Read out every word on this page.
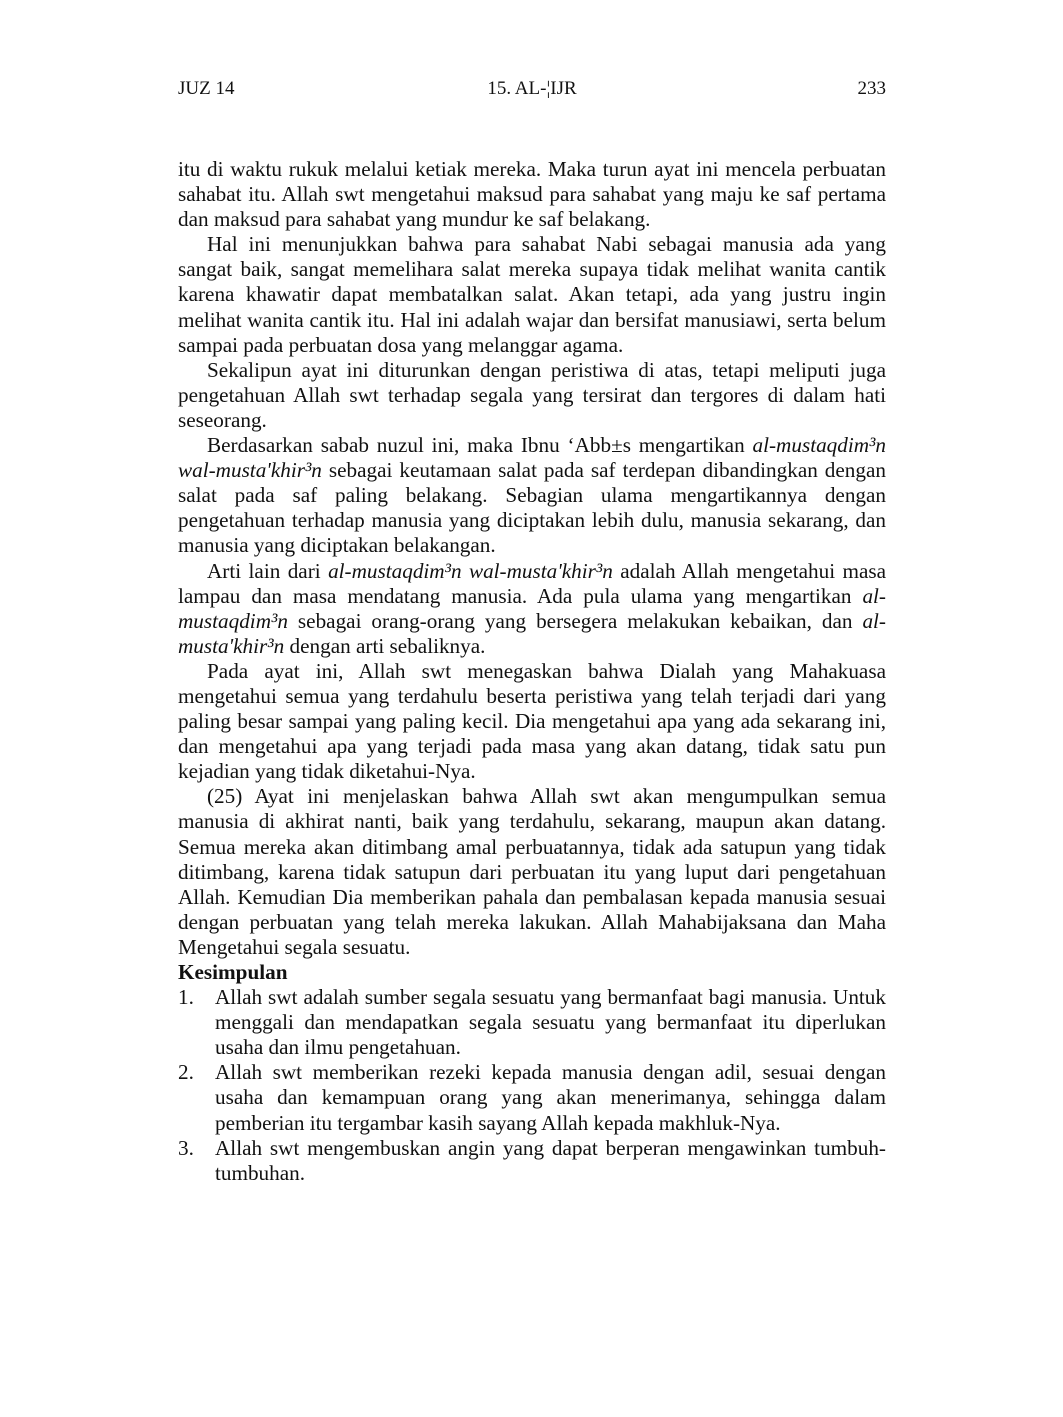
JUZ 14	15. AL-¦IJR	233

itu di waktu rukuk melalui ketiak mereka. Maka turun ayat ini mencela perbuatan sahabat itu. Allah swt mengetahui maksud para sahabat yang maju ke saf pertama dan maksud para sahabat yang mundur ke saf belakang.

Hal ini menunjukkan bahwa para sahabat Nabi sebagai manusia ada yang sangat baik, sangat memelihara salat mereka supaya tidak melihat wanita cantik karena khawatir dapat membatalkan salat. Akan tetapi, ada yang justru ingin melihat wanita cantik itu. Hal ini adalah wajar dan bersifat manusiawi, serta belum sampai pada perbuatan dosa yang melanggar agama.

Sekalipun ayat ini diturunkan dengan peristiwa di atas, tetapi meliputi juga pengetahuan Allah swt terhadap segala yang tersirat dan tergores di dalam hati seseorang.

Berdasarkan sabab nuzul ini, maka Ibnu ‘Abb±s mengartikan al-mustaqdim³n wal-musta'khir³n sebagai keutamaan salat pada saf terdepan dibandingkan dengan salat pada saf paling belakang. Sebagian ulama mengartikannya dengan pengetahuan terhadap manusia yang diciptakan lebih dulu, manusia sekarang, dan manusia yang diciptakan belakangan.

Arti lain dari al-mustaqdim³n wal-musta'khir³n adalah Allah mengetahui masa lampau dan masa mendatang manusia. Ada pula ulama yang mengartikan al-mustaqdim³n sebagai orang-orang yang bersegera melakukan kebaikan, dan al-musta'khir³n dengan arti sebaliknya.

Pada ayat ini, Allah swt menegaskan bahwa Dialah yang Mahakuasa mengetahui semua yang terdahulu beserta peristiwa yang telah terjadi dari yang paling besar sampai yang paling kecil. Dia mengetahui apa yang ada sekarang ini, dan mengetahui apa yang terjadi pada masa yang akan datang, tidak satu pun kejadian yang tidak diketahui-Nya.

(25) Ayat ini menjelaskan bahwa Allah swt akan mengumpulkan semua manusia di akhirat nanti, baik yang terdahulu, sekarang, maupun akan datang. Semua mereka akan ditimbang amal perbuatannya, tidak ada satupun yang tidak ditimbang, karena tidak satupun dari perbuatan itu yang luput dari pengetahuan Allah. Kemudian Dia memberikan pahala dan pembalasan kepada manusia sesuai dengan perbuatan yang telah mereka lakukan. Allah Mahabijaksana dan Maha Mengetahui segala sesuatu.

Kesimpulan

1. Allah swt adalah sumber segala sesuatu yang bermanfaat bagi manusia. Untuk menggali dan mendapatkan segala sesuatu yang bermanfaat itu diperlukan usaha dan ilmu pengetahuan.
2. Allah swt memberikan rezeki kepada manusia dengan adil, sesuai dengan usaha dan kemampuan orang yang akan menerimanya, sehingga dalam pemberian itu tergambar kasih sayang Allah kepada makhluk-Nya.
3. Allah swt mengembuskan angin yang dapat berperan mengawinkan tumbuh-tumbuhan.
